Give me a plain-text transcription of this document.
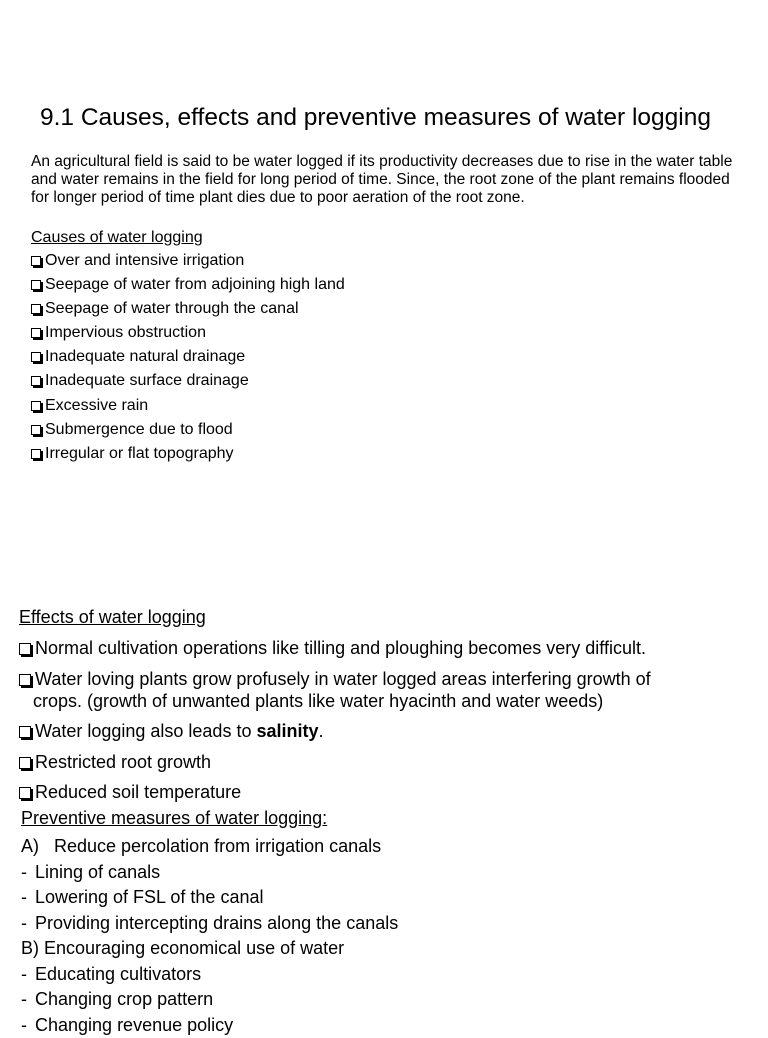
9.1 Causes, effects and preventive measures of water logging
An agricultural field is said to be water logged if its productivity decreases due to rise in the water table and water remains in the field for long period of time. Since, the root zone of the plant remains flooded for longer period of time plant dies due to poor aeration of the root zone.
Causes of water logging
Over and intensive irrigation
Seepage of water from adjoining high land
Seepage of water through the canal
Impervious obstruction
Inadequate natural drainage
Inadequate surface drainage
Excessive rain
Submergence due to flood
Irregular or flat topography
Effects of water logging
Normal cultivation operations like tilling and ploughing becomes very difficult.
Water loving plants grow profusely in water logged areas interfering growth of
crops. (growth of unwanted plants like water hyacinth and water weeds)
Water logging also leads to salinity.
Restricted root growth
Reduced soil temperature
Preventive measures of water logging:
A) Reduce percolation from irrigation canals
- Lining of canals
- Lowering of FSL of the canal
- Providing intercepting drains along the canals
B) Encouraging economical use of water
- Educating cultivators
- Changing crop pattern
- Changing revenue policy
